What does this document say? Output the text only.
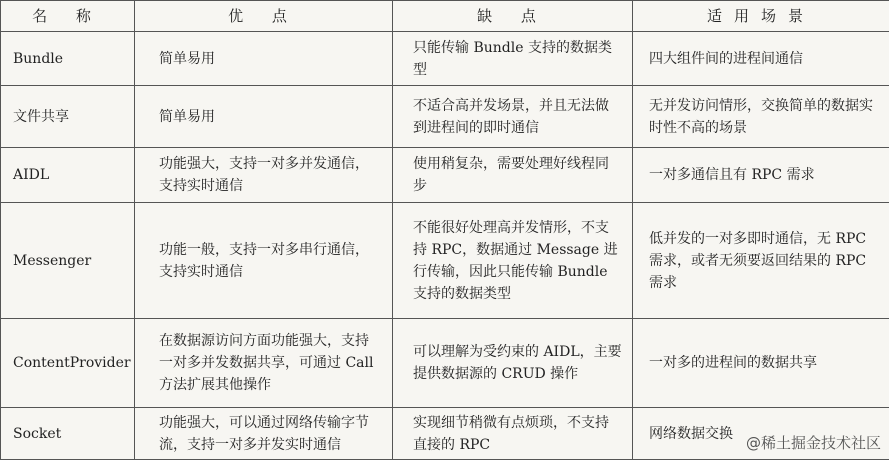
名 称	优 点	缺 点	适用场景
Bundle	简单易用	只能传输 Bundle 支持的数据类型	四大组件间的进程间通信
文件共享	简单易用	不适合高并发场景，并且无法做到进程间的即时通信	无并发访问情形，交换简单的数据实时性不高的场景
AIDL	功能强大，支持一对多并发通信，支持实时通信	使用稍复杂，需要处理好线程同步	一对多通信且有 RPC 需求
Messenger	功能一般，支持一对多串行通信，支持实时通信	不能很好处理高并发情形，不支持 RPC，数据通过 Message 进行传输，因此只能传输 Bundle 支持的数据类型	低并发的一对多即时通信，无 RPC 需求，或者无须要返回结果的 RPC 需求
ContentProvider	在数据源访问方面功能强大，支持一对多并发数据共享，可通过 Call 方法扩展其他操作	可以理解为受约束的 AIDL，主要提供数据源的 CRUD 操作	一对多的进程间的数据共享
Socket	功能强大，可以通过网络传输字节流，支持一对多并发实时通信	实现细节稍微有点烦琐，不支持直接的 RPC	网络数据交换
@稀土掘金技术社区
